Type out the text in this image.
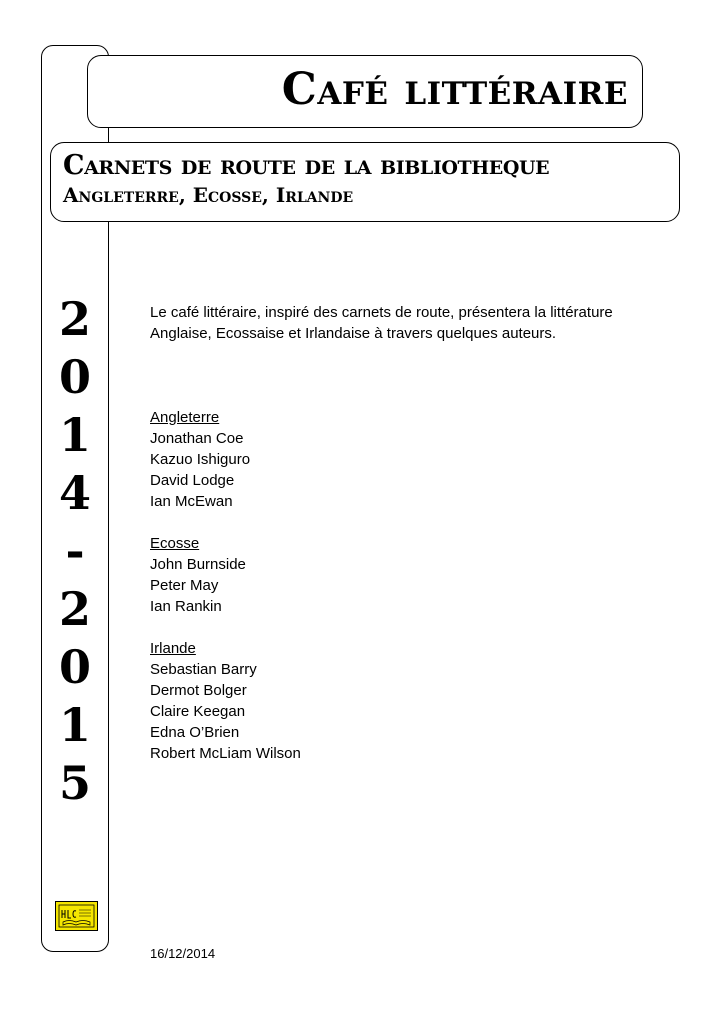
2
0
1
4
-
2
0
1
5
Café littéraire
Carnets de route de la bibliotheque
Angleterre, Ecosse, Irlande

Le café littéraire, inspiré des carnets de route, présentera la littérature Anglaise, Ecossaise et Irlandaise à travers quelques auteurs.

Angleterre
Jonathan Coe
Kazuo Ishiguro
David Lodge
Ian McEwan
Ecosse
John Burnside
Peter May
Ian Rankin
Irlande
Sebastian Barry
Dermot Bolger
Claire Keegan
Edna O’Brien
Robert McLiam Wilson
16/12/2014
